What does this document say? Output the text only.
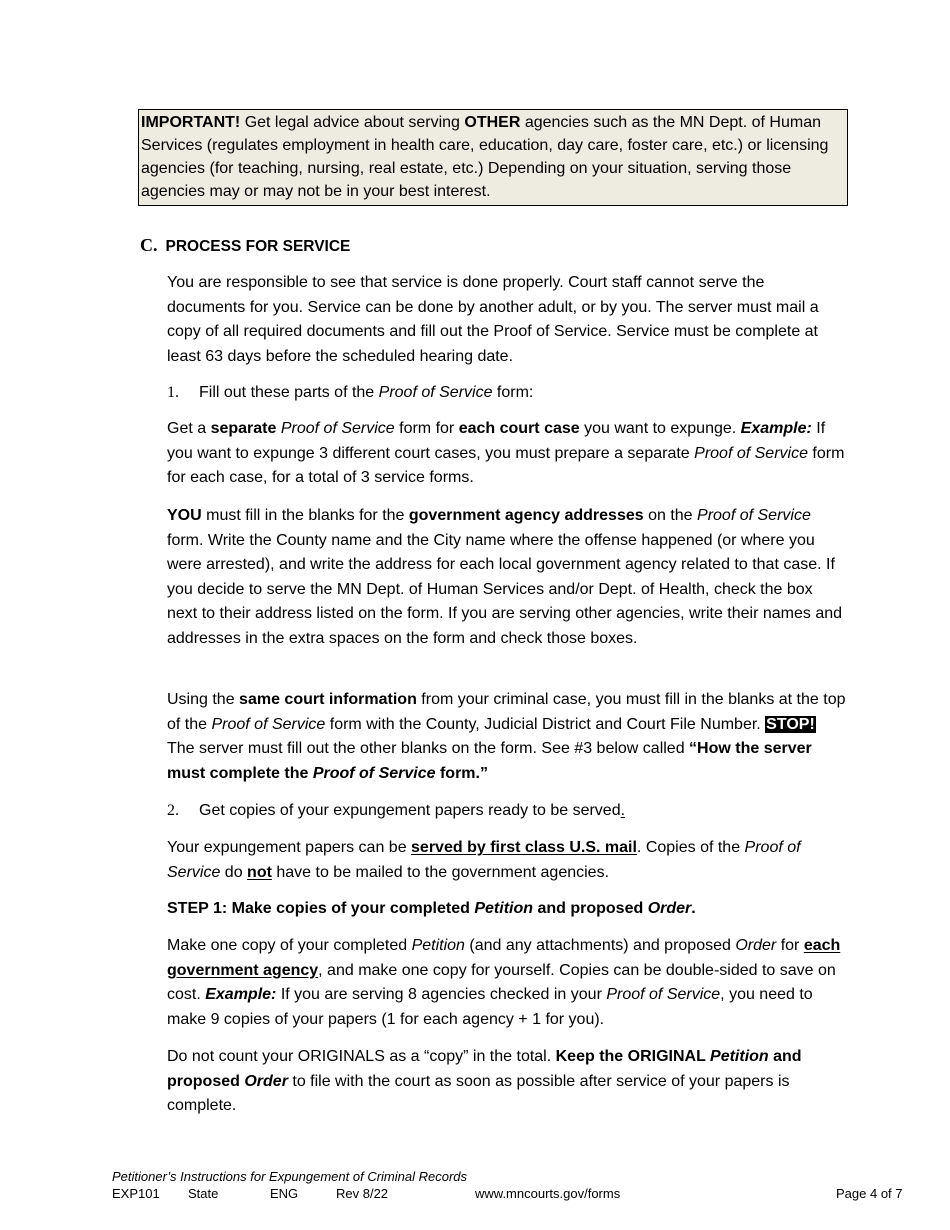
IMPORTANT! Get legal advice about serving OTHER agencies such as the MN Dept. of Human Services (regulates employment in health care, education, day care, foster care, etc.) or licensing agencies (for teaching, nursing, real estate, etc.) Depending on your situation, serving those agencies may or may not be in your best interest.
C. PROCESS FOR SERVICE
You are responsible to see that service is done properly. Court staff cannot serve the documents for you. Service can be done by another adult, or by you. The server must mail a copy of all required documents and fill out the Proof of Service. Service must be complete at least 63 days before the scheduled hearing date.
1. Fill out these parts of the Proof of Service form:
Get a separate Proof of Service form for each court case you want to expunge. Example: If you want to expunge 3 different court cases, you must prepare a separate Proof of Service form for each case, for a total of 3 service forms.
YOU must fill in the blanks for the government agency addresses on the Proof of Service form. Write the County name and the City name where the offense happened (or where you were arrested), and write the address for each local government agency related to that case. If you decide to serve the MN Dept. of Human Services and/or Dept. of Health, check the box next to their address listed on the form. If you are serving other agencies, write their names and addresses in the extra spaces on the form and check those boxes.
Using the same court information from your criminal case, you must fill in the blanks at the top of the Proof of Service form with the County, Judicial District and Court File Number. STOP! The server must fill out the other blanks on the form. See #3 below called “How the server must complete the Proof of Service form.”
2. Get copies of your expungement papers ready to be served.
Your expungement papers can be served by first class U.S. mail. Copies of the Proof of Service do not have to be mailed to the government agencies.
STEP 1: Make copies of your completed Petition and proposed Order.
Make one copy of your completed Petition (and any attachments) and proposed Order for each government agency, and make one copy for yourself. Copies can be double-sided to save on cost. Example: If you are serving 8 agencies checked in your Proof of Service, you need to make 9 copies of your papers (1 for each agency + 1 for you).
Do not count your ORIGINALS as a “copy” in the total. Keep the ORIGINAL Petition and proposed Order to file with the court as soon as possible after service of your papers is complete.
Petitioner’s Instructions for Expungement of Criminal Records
EXP101 State	ENG	Rev 8/22	www.mncourts.gov/forms	Page 4 of 7
